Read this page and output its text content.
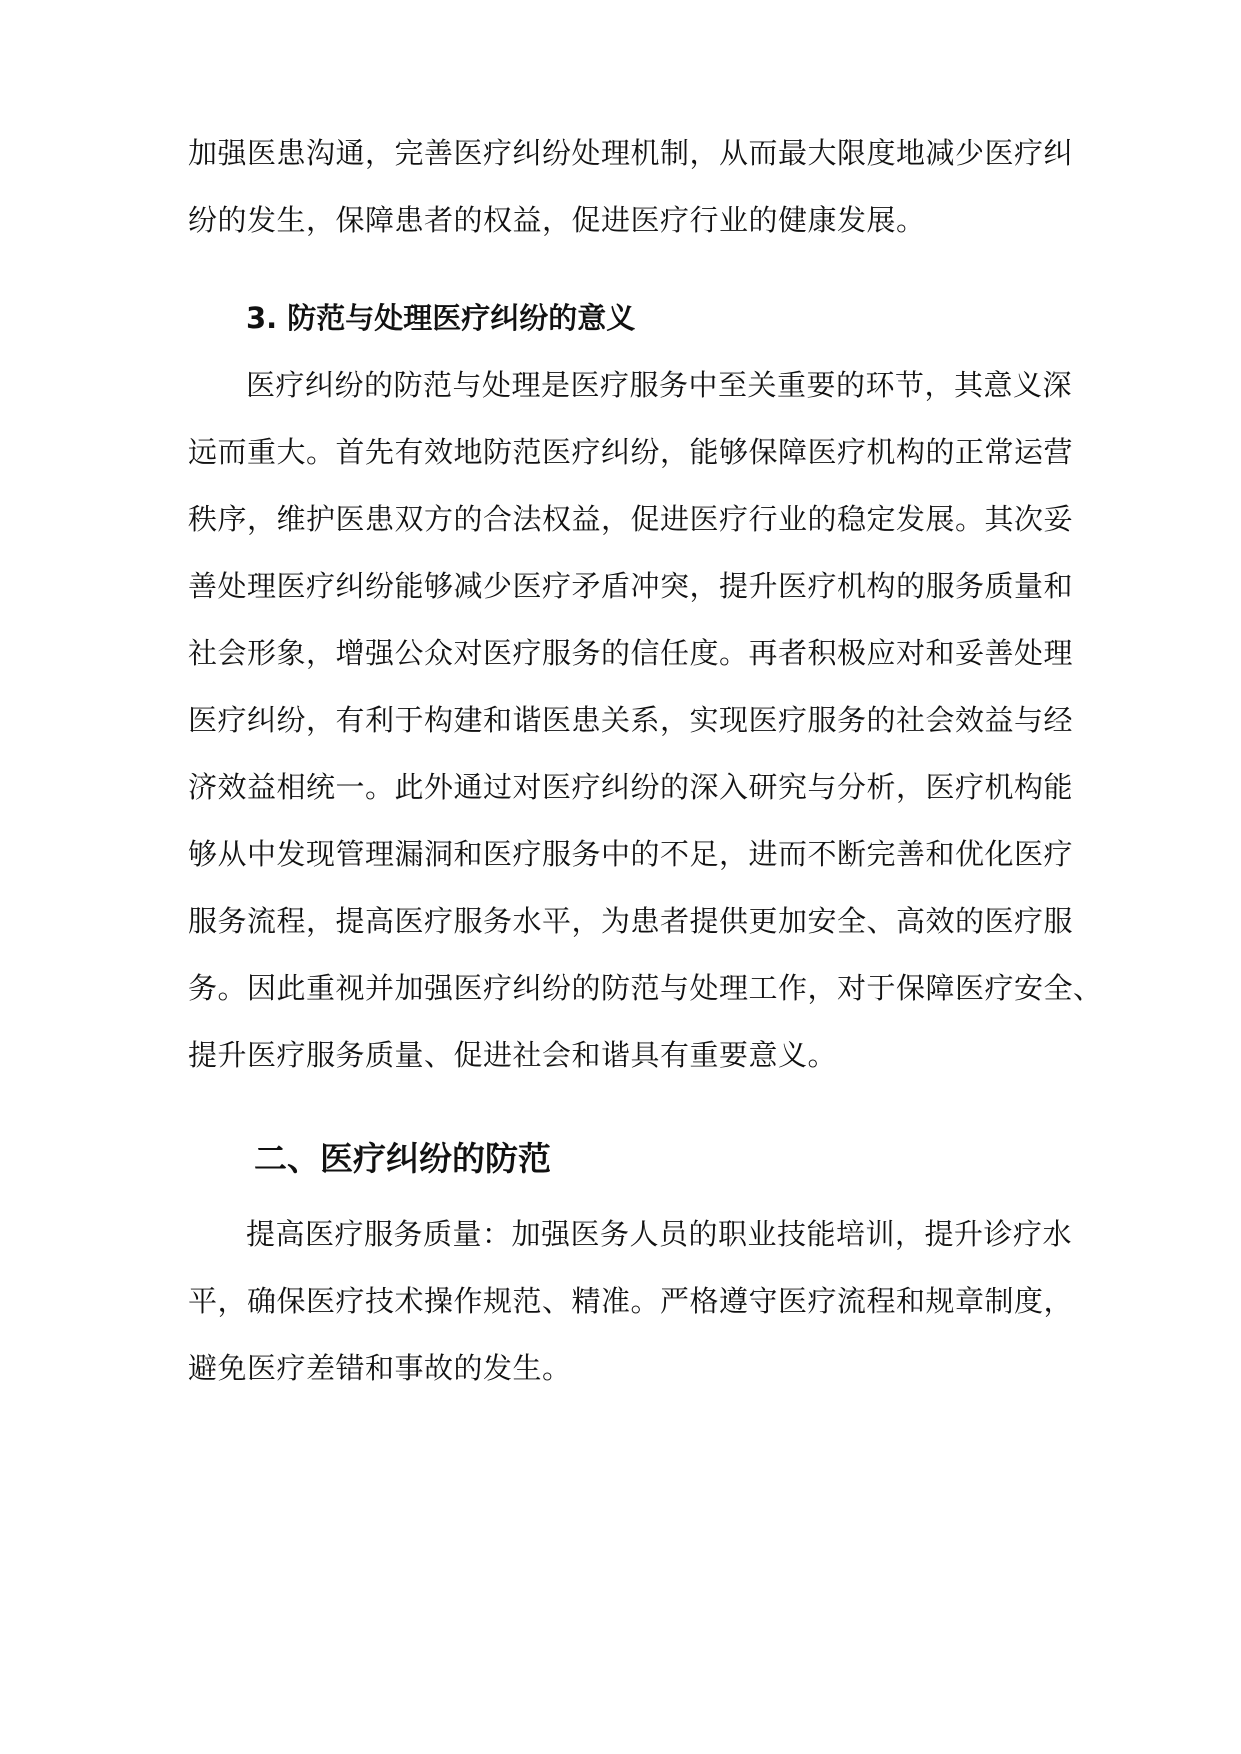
加强医患沟通，完善医疗纠纷处理机制，从而最大限度地减少医疗纠
纷的发生，保障患者的权益，促进医疗行业的健康发展。
3. 防范与处理医疗纠纷的意义
医疗纠纷的防范与处理是医疗服务中至关重要的环节，其意义深
远而重大。首先有效地防范医疗纠纷，能够保障医疗机构的正常运营
秩序，维护医患双方的合法权益，促进医疗行业的稳定发展。其次妥
善处理医疗纠纷能够减少医疗矛盾冲突，提升医疗机构的服务质量和
社会形象，增强公众对医疗服务的信任度。再者积极应对和妥善处理
医疗纠纷，有利于构建和谐医患关系，实现医疗服务的社会效益与经
济效益相统一。此外通过对医疗纠纷的深入研究与分析，医疗机构能
够从中发现管理漏洞和医疗服务中的不足，进而不断完善和优化医疗
服务流程，提高医疗服务水平，为患者提供更加安全、高效的医疗服
务。因此重视并加强医疗纠纷的防范与处理工作，对于保障医疗安全、
提升医疗服务质量、促进社会和谐具有重要意义。
二、医疗纠纷的防范
提高医疗服务质量：加强医务人员的职业技能培训，提升诊疗水
平，确保医疗技术操作规范、精准。严格遵守医疗流程和规章制度，
避免医疗差错和事故的发生。
